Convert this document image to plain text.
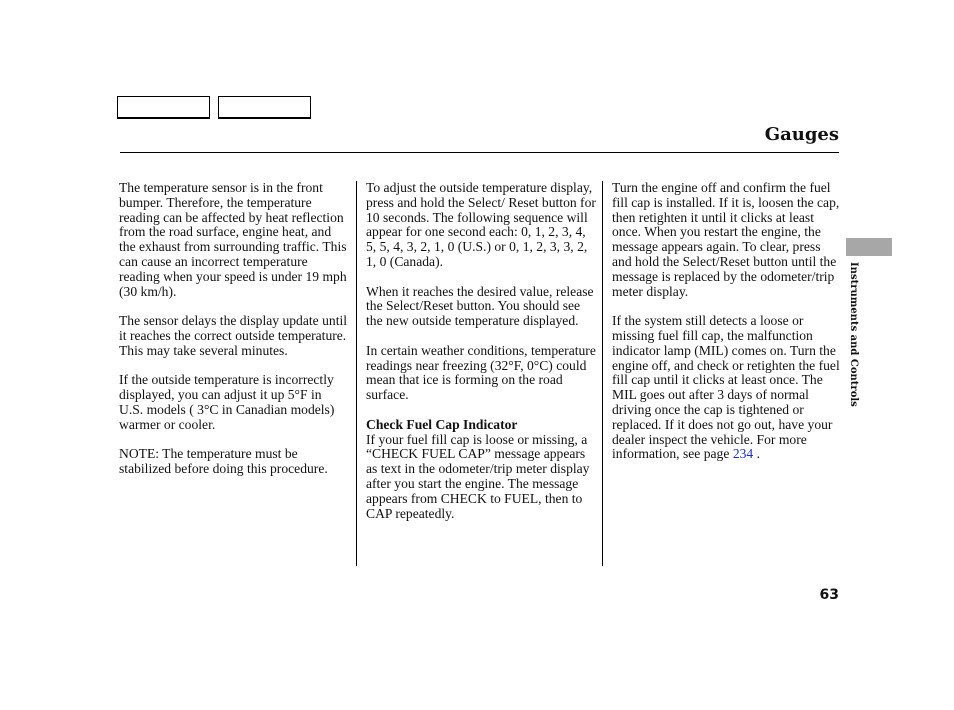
Gauges

The temperature sensor is in the front bumper. Therefore, the temperature reading can be affected by heat reflection from the road surface, engine heat, and the exhaust from surrounding traffic. This can cause an incorrect temperature reading when your speed is under 19 mph (30 km/h).

The sensor delays the display update until it reaches the correct outside temperature. This may take several minutes.

If the outside temperature is incorrectly displayed, you can adjust it up 5°F in U.S. models ( 3°C in Canadian models) warmer or cooler.

NOTE: The temperature must be stabilized before doing this procedure.

To adjust the outside temperature display, press and hold the Select/ Reset button for 10 seconds. The following sequence will appear for one second each: 0, 1, 2, 3, 4, 5, 5, 4, 3, 2, 1, 0 (U.S.) or 0, 1, 2, 3, 3, 2, 1, 0 (Canada).

When it reaches the desired value, release the Select/Reset button. You should see the new outside temperature displayed.

In certain weather conditions, temperature readings near freezing (32°F, 0°C) could mean that ice is forming on the road surface.

Check Fuel Cap Indicator
If your fuel fill cap is loose or missing, a “CHECK FUEL CAP” message appears as text in the odometer/trip meter display after you start the engine. The message appears from CHECK to FUEL, then to CAP repeatedly.

Turn the engine off and confirm the fuel fill cap is installed. If it is, loosen the cap, then retighten it until it clicks at least once. When you restart the engine, the message appears again. To clear, press and hold the Select/Reset button until the message is replaced by the odometer/trip meter display.

If the system still detects a loose or missing fuel fill cap, the malfunction indicator lamp (MIL) comes on. Turn the engine off, and check or retighten the fuel fill cap until it clicks at least once. The MIL goes out after 3 days of normal driving once the cap is tightened or replaced. If it does not go out, have your dealer inspect the vehicle. For more information, see page 234 .

Instruments and Controls
63
